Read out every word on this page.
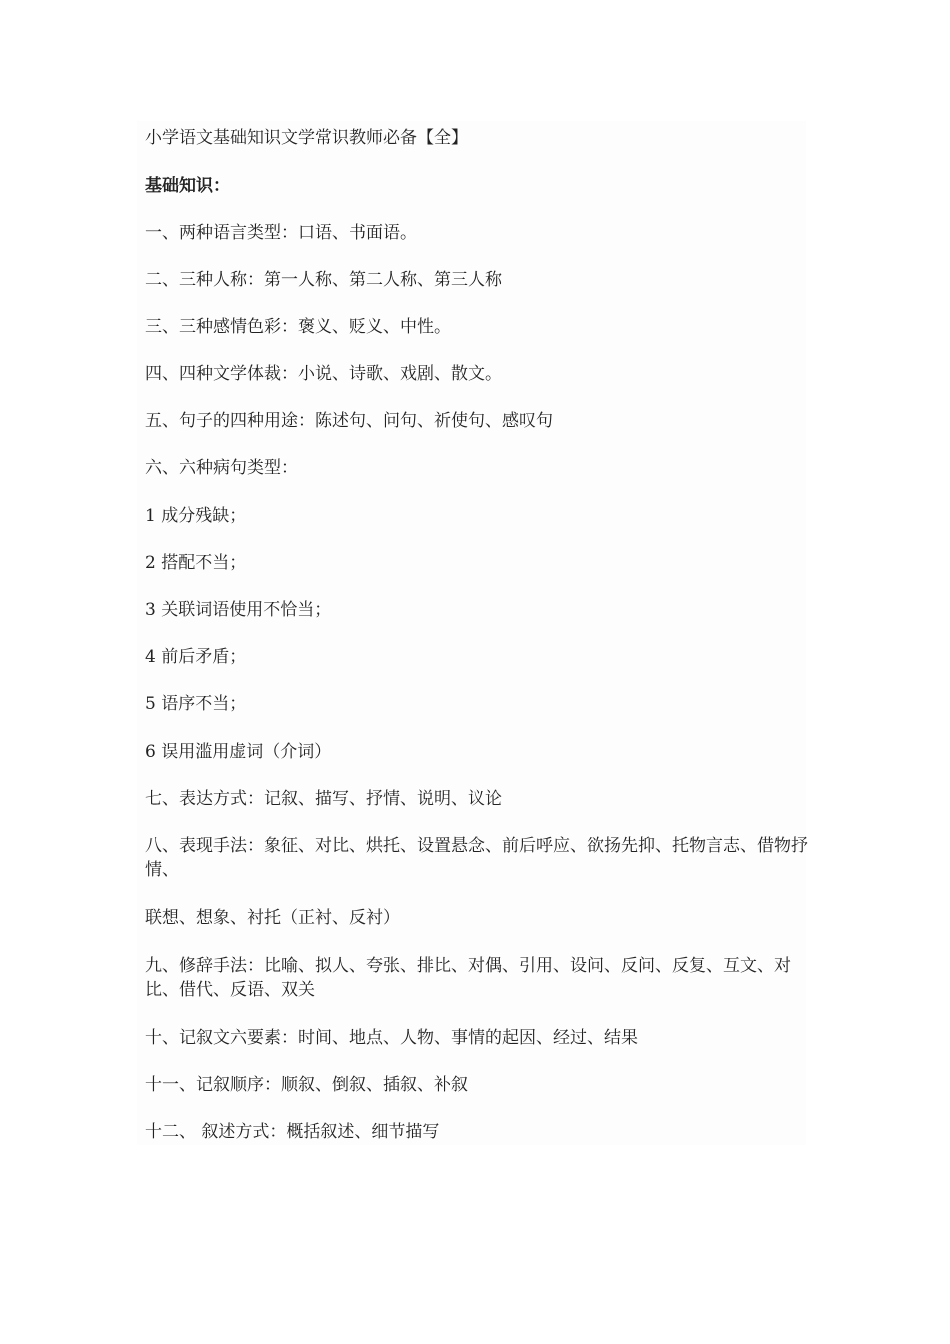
小学语文基础知识文学常识教师必备【全】
基础知识：
一、两种语言类型：口语、书面语。
二、三种人称：第一人称、第二人称、第三人称
三、三种感情色彩：褒义、贬义、中性。
四、四种文学体裁：小说、诗歌、戏剧、散文。
五、句子的四种用途：陈述句、问句、祈使句、感叹句
六、六种病句类型：
1 成分残缺；
2 搭配不当；
3 关联词语使用不恰当；
4 前后矛盾；
5 语序不当；
6 误用滥用虚词（介词）
七、表达方式：记叙、描写、抒情、说明、议论
八、表现手法：象征、对比、烘托、设置悬念、前后呼应、欲扬先抑、托物言志、借物抒情、
联想、想象、衬托（正衬、反衬）
九、修辞手法：比喻、拟人、夸张、排比、对偶、引用、设问、反问、反复、互文、对比、借代、反语、双关
十、记叙文六要素：时间、地点、人物、事情的起因、经过、结果
十一、记叙顺序：顺叙、倒叙、插叙、补叙
十二、 叙述方式：概括叙述、细节描写
